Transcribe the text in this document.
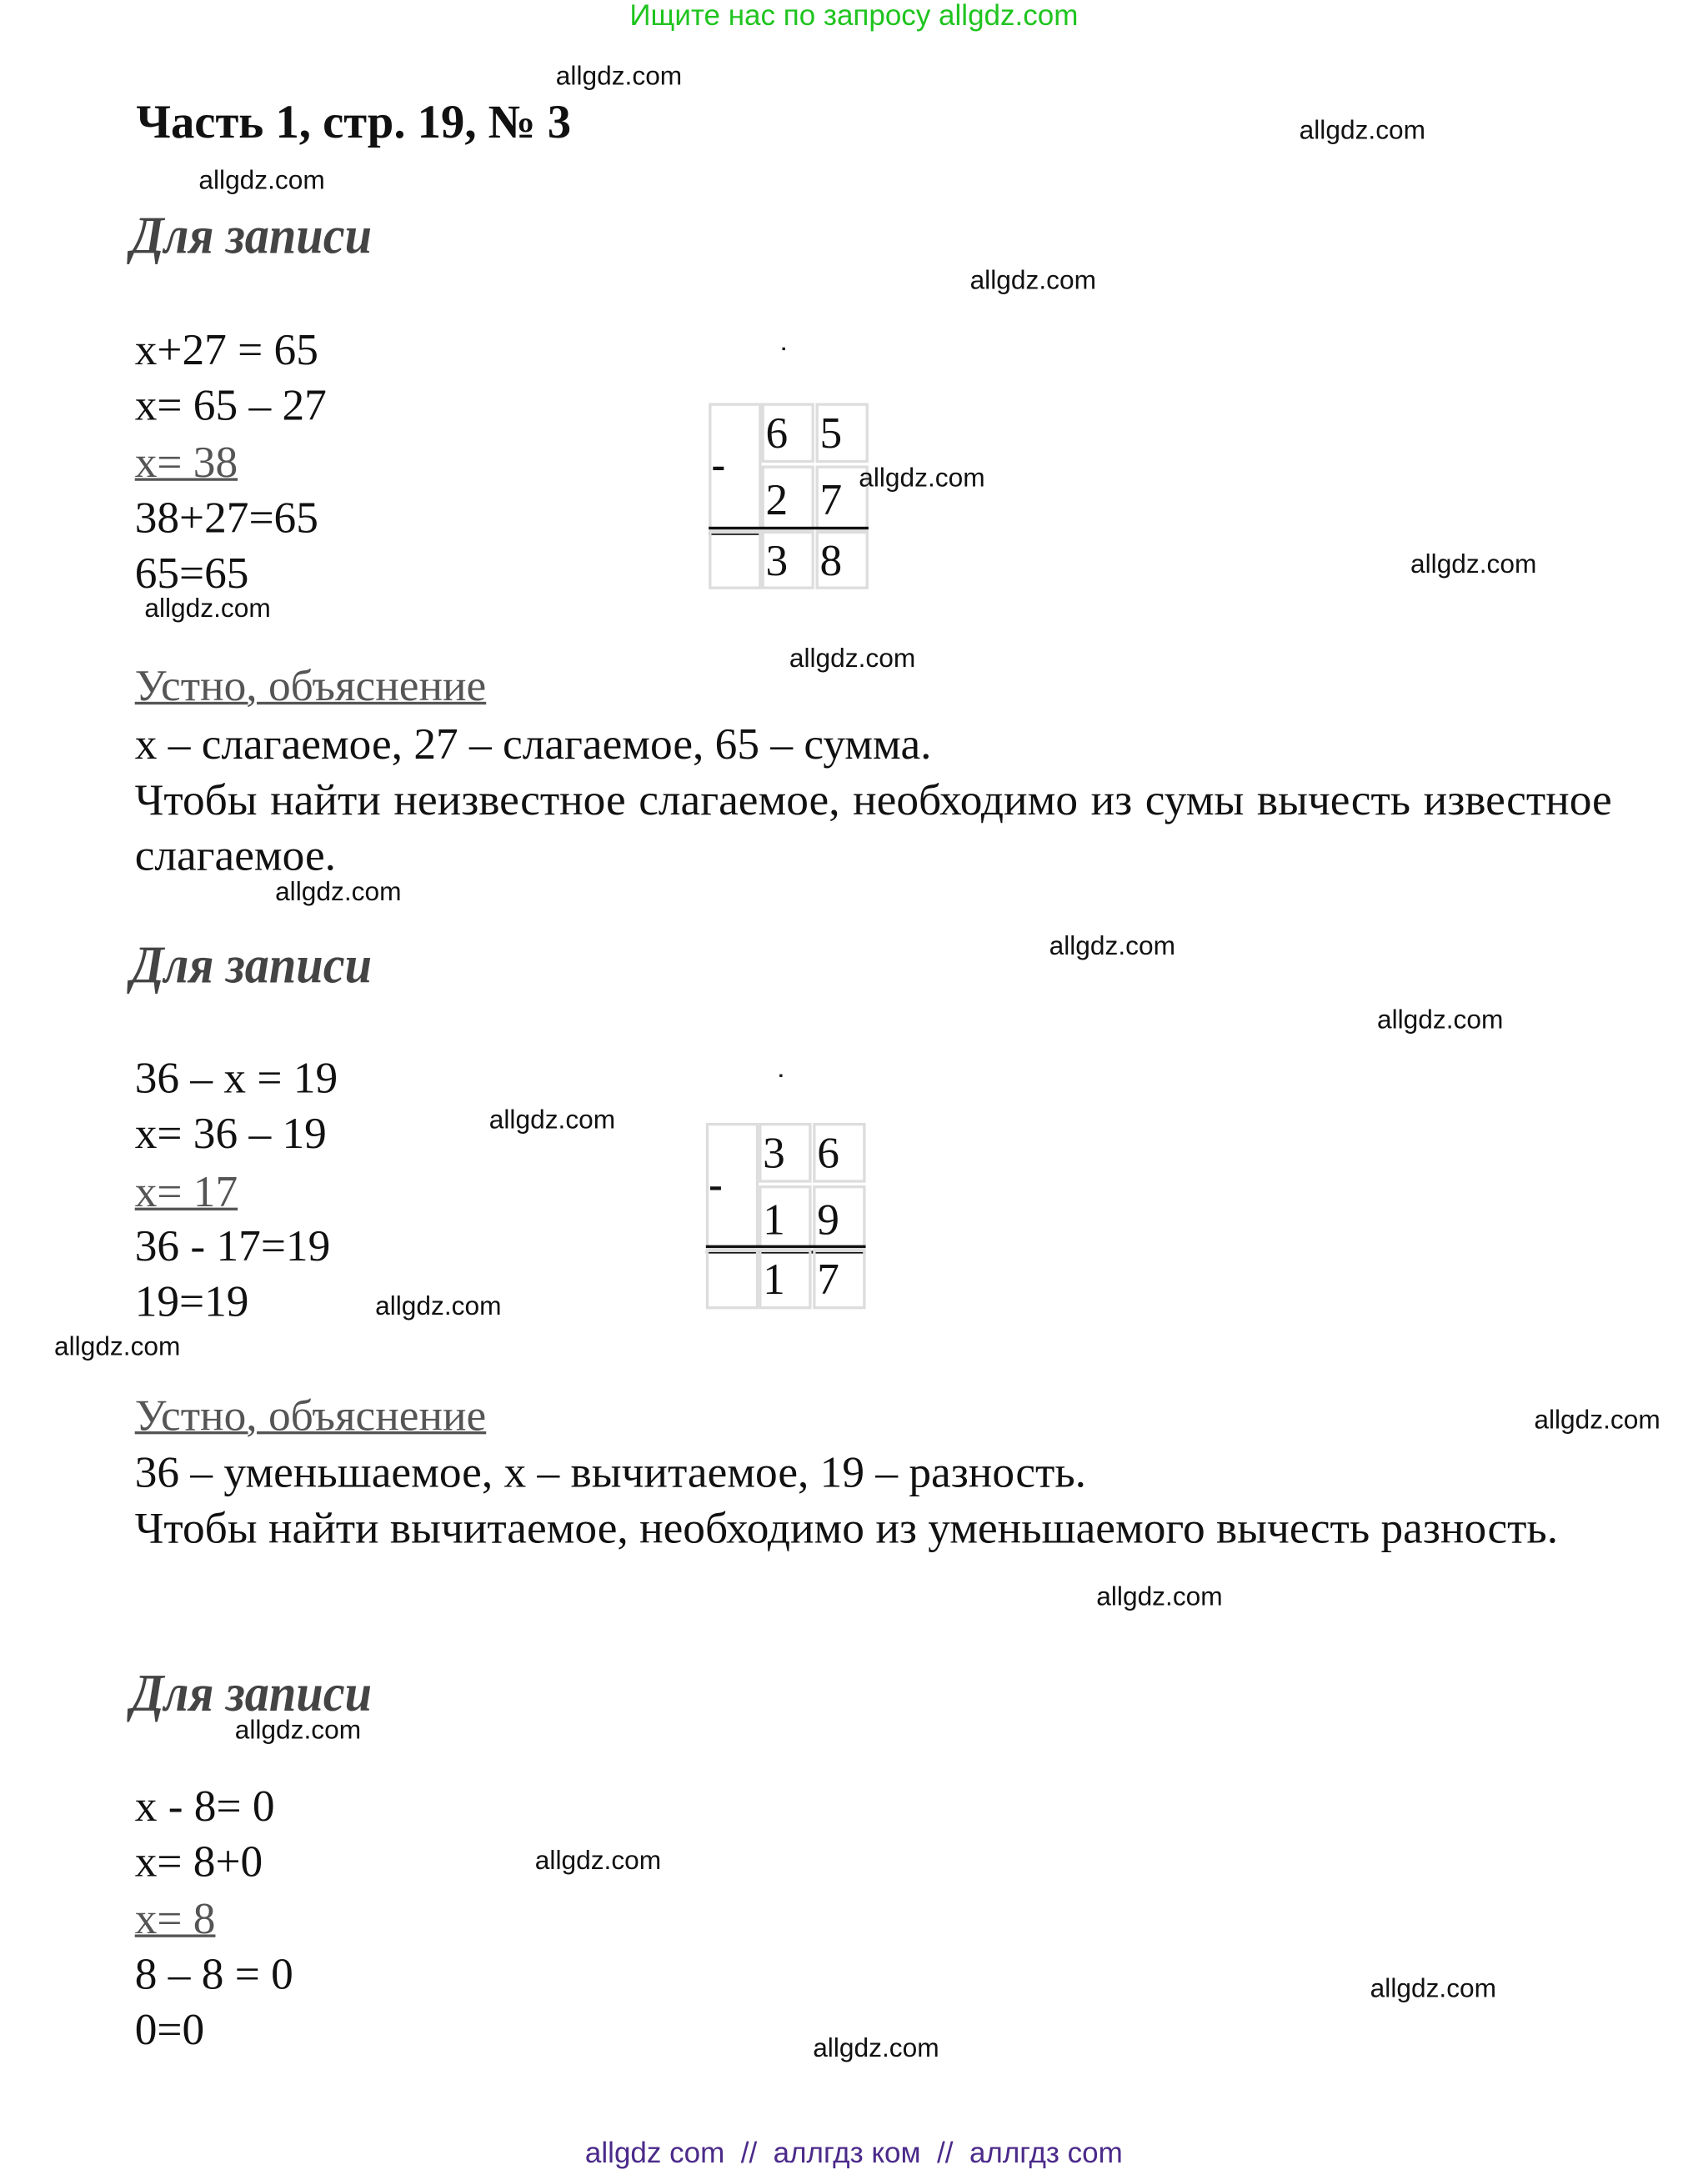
Ищите нас по запросу allgdz.com
Часть 1, стр. 19, № 3
Для записи
x+27 = 65
x= 65 – 27
x= 38
38+27=65
65=65
-
6	5
2	7
3	8
Устно, объяснение
x – слагаемое, 27 – слагаемое, 65 – сумма.
Чтобы найти неизвестное слагаемое, необходимо из сумы вычесть известное слагаемое.
Для записи
36 – x = 19
x= 36 – 19
x= 17
36 - 17=19
19=19
-
3	6
1	9
1	7
Устно, объяснение
36 – уменьшаемое, x – вычитаемое, 19 – разность.
Чтобы найти вычитаемое, необходимо из уменьшаемого вычесть разность.
Для записи
x - 8= 0
x= 8+0
x= 8
8 – 8 = 0
0=0
allgdz.com
allgdz.com
allgdz.com
allgdz.com
allgdz.com
allgdz.com
allgdz.com
allgdz.com
allgdz.com
allgdz.com
allgdz.com
allgdz.com
allgdz.com
allgdz.com
allgdz.com
allgdz.com
allgdz.com
allgdz.com
allgdz.com
allgdz.com
allgdz com  //  аллгдз ком  //  аллгдз com
